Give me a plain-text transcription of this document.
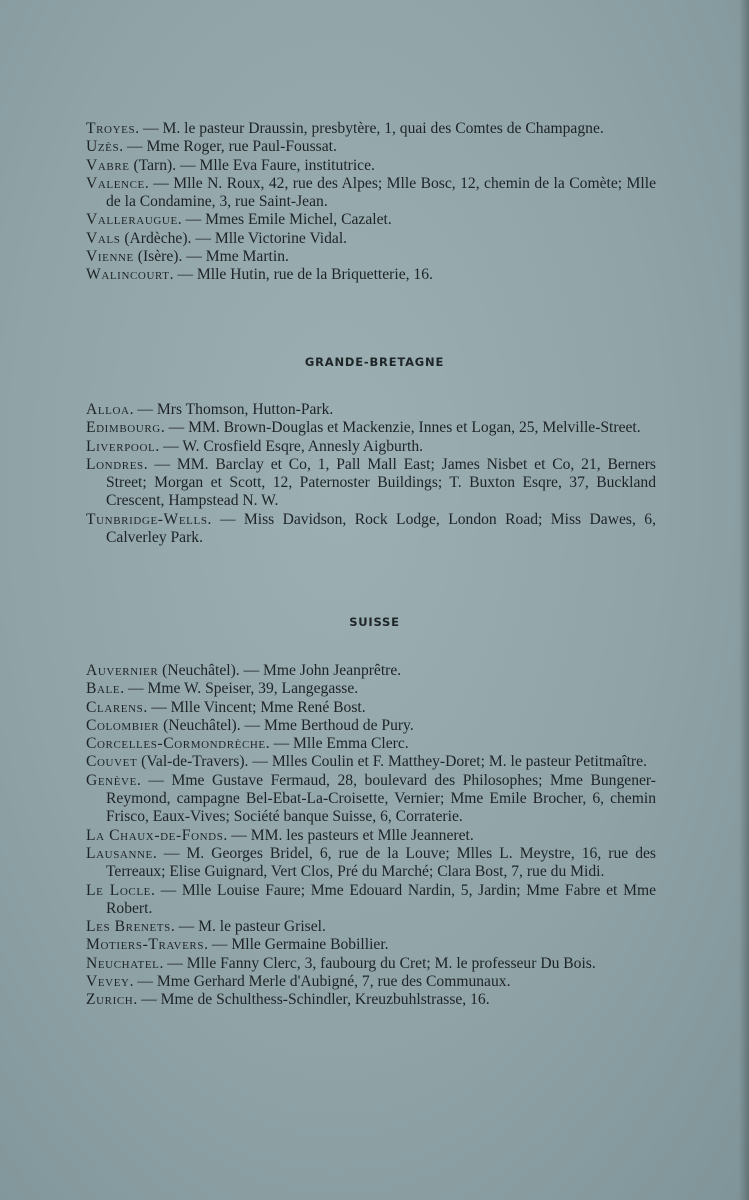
Troyes. — M. le pasteur Draussin, presbytère, 1, quai des Comtes de Champagne.

Uzès. — Mme Roger, rue Paul-Foussat.

Vabre (Tarn). — Mlle Eva Faure, institutrice.

Valence. — Mlle N. Roux, 42, rue des Alpes; Mlle Bosc, 12, chemin de la Comète; Mlle de la Condamine, 3, rue Saint-Jean.

Valleraugue. — Mmes Emile Michel, Cazalet.

Vals (Ardèche). — Mlle Victorine Vidal.

Vienne (Isère). — Mme Martin.

Walincourt. — Mlle Hutin, rue de la Briquetterie, 16.

GRANDE-BRETAGNE

Alloa. — Mrs Thomson, Hutton-Park.

Edimbourg. — MM. Brown-Douglas et Mackenzie, Innes et Logan, 25, Melville-Street.

Liverpool. — W. Crosfield Esqre, Annesly Aigburth.

Londres. — MM. Barclay et Co, 1, Pall Mall East; James Nisbet et Co, 21, Berners Street; Morgan et Scott, 12, Paternoster Buildings; T. Buxton Esqre, 37, Buckland Crescent, Hampstead N. W.

Tunbridge-Wells. — Miss Davidson, Rock Lodge, London Road; Miss Dawes, 6, Calverley Park.

SUISSE

Auvernier (Neuchâtel). — Mme John Jeanprêtre.

Bale. — Mme W. Speiser, 39, Langegasse.

Clarens. — Mlle Vincent; Mme René Bost.

Colombier (Neuchâtel). — Mme Berthoud de Pury.

Corcelles-Cormondrèche. — Mlle Emma Clerc.

Couvet (Val-de-Travers). — Mlles Coulin et F. Matthey-Doret; M. le pasteur Petitmaître.

Genève. — Mme Gustave Fermaud, 28, boulevard des Philosophes; Mme Bungener-Reymond, campagne Bel-Ebat-La-Croisette, Vernier; Mme Emile Brocher, 6, chemin Frisco, Eaux-Vives; Société banque Suisse, 6, Corraterie.

La Chaux-de-Fonds. — MM. les pasteurs et Mlle Jeanneret.

Lausanne. — M. Georges Bridel, 6, rue de la Louve; Mlles L. Meystre, 16, rue des Terreaux; Elise Guignard, Vert Clos, Pré du Marché; Clara Bost, 7, rue du Midi.

Le Locle. — Mlle Louise Faure; Mme Edouard Nardin, 5, Jardin; Mme Fabre et Mme Robert.

Les Brenets. — M. le pasteur Grisel.

Motiers-Travers. — Mlle Germaine Bobillier.

Neuchatel. — Mlle Fanny Clerc, 3, faubourg du Cret; M. le professeur Du Bois.

Vevey. — Mme Gerhard Merle d'Aubigné, 7, rue des Communaux.

Zurich. — Mme de Schulthess-Schindler, Kreuzbuhlstrasse, 16.
